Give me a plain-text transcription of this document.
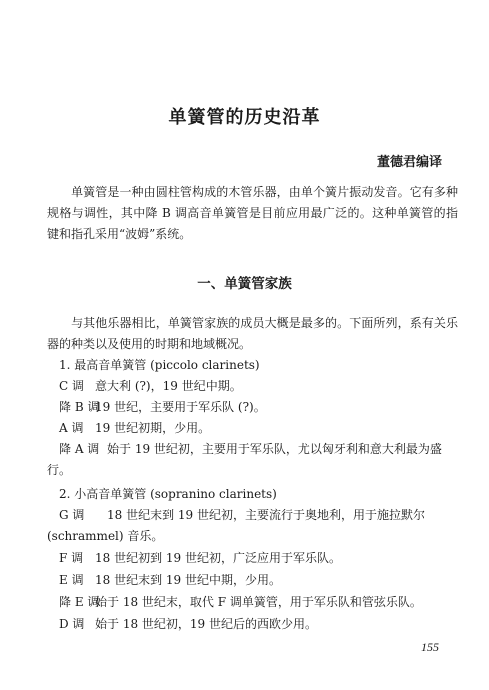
单簧管的历史沿革
董德君编译
单簧管是一种由圆柱管构成的木管乐器，由单个簧片振动发音。它有多种规格与调性，其中降 B 调高音单簧管是目前应用最广泛的。这种单簧管的指键和指孔采用“波姆”系统。
一、单簧管家族
与其他乐器相比，单簧管家族的成员大概是最多的。下面所列，系有关乐器的种类以及使用的时期和地域概况。
1. 最高音单簧管 (piccolo clarinets)
C 调 意大利 (?)，19 世纪中期。
降 B 调19 世纪，主要用于军乐队 (?)。
A 调 19 世纪初期，少用。
降 A 调 始于 19 世纪初，主要用于军乐队，尤以匈牙利和意大利最为盛行。
2. 小高音单簧管 (sopranino clarinets)
G 调 18 世纪末到 19 世纪初，主要流行于奥地利，用于施拉默尔 (schrammel) 音乐。
F 调 18 世纪初到 19 世纪初，广泛应用于军乐队。
E 调 18 世纪末到 19 世纪中期，少用。
降 E 调始于 18 世纪末，取代 F 调单簧管，用于军乐队和管弦乐队。
D 调 始于 18 世纪初，19 世纪后的西欧少用。
155
